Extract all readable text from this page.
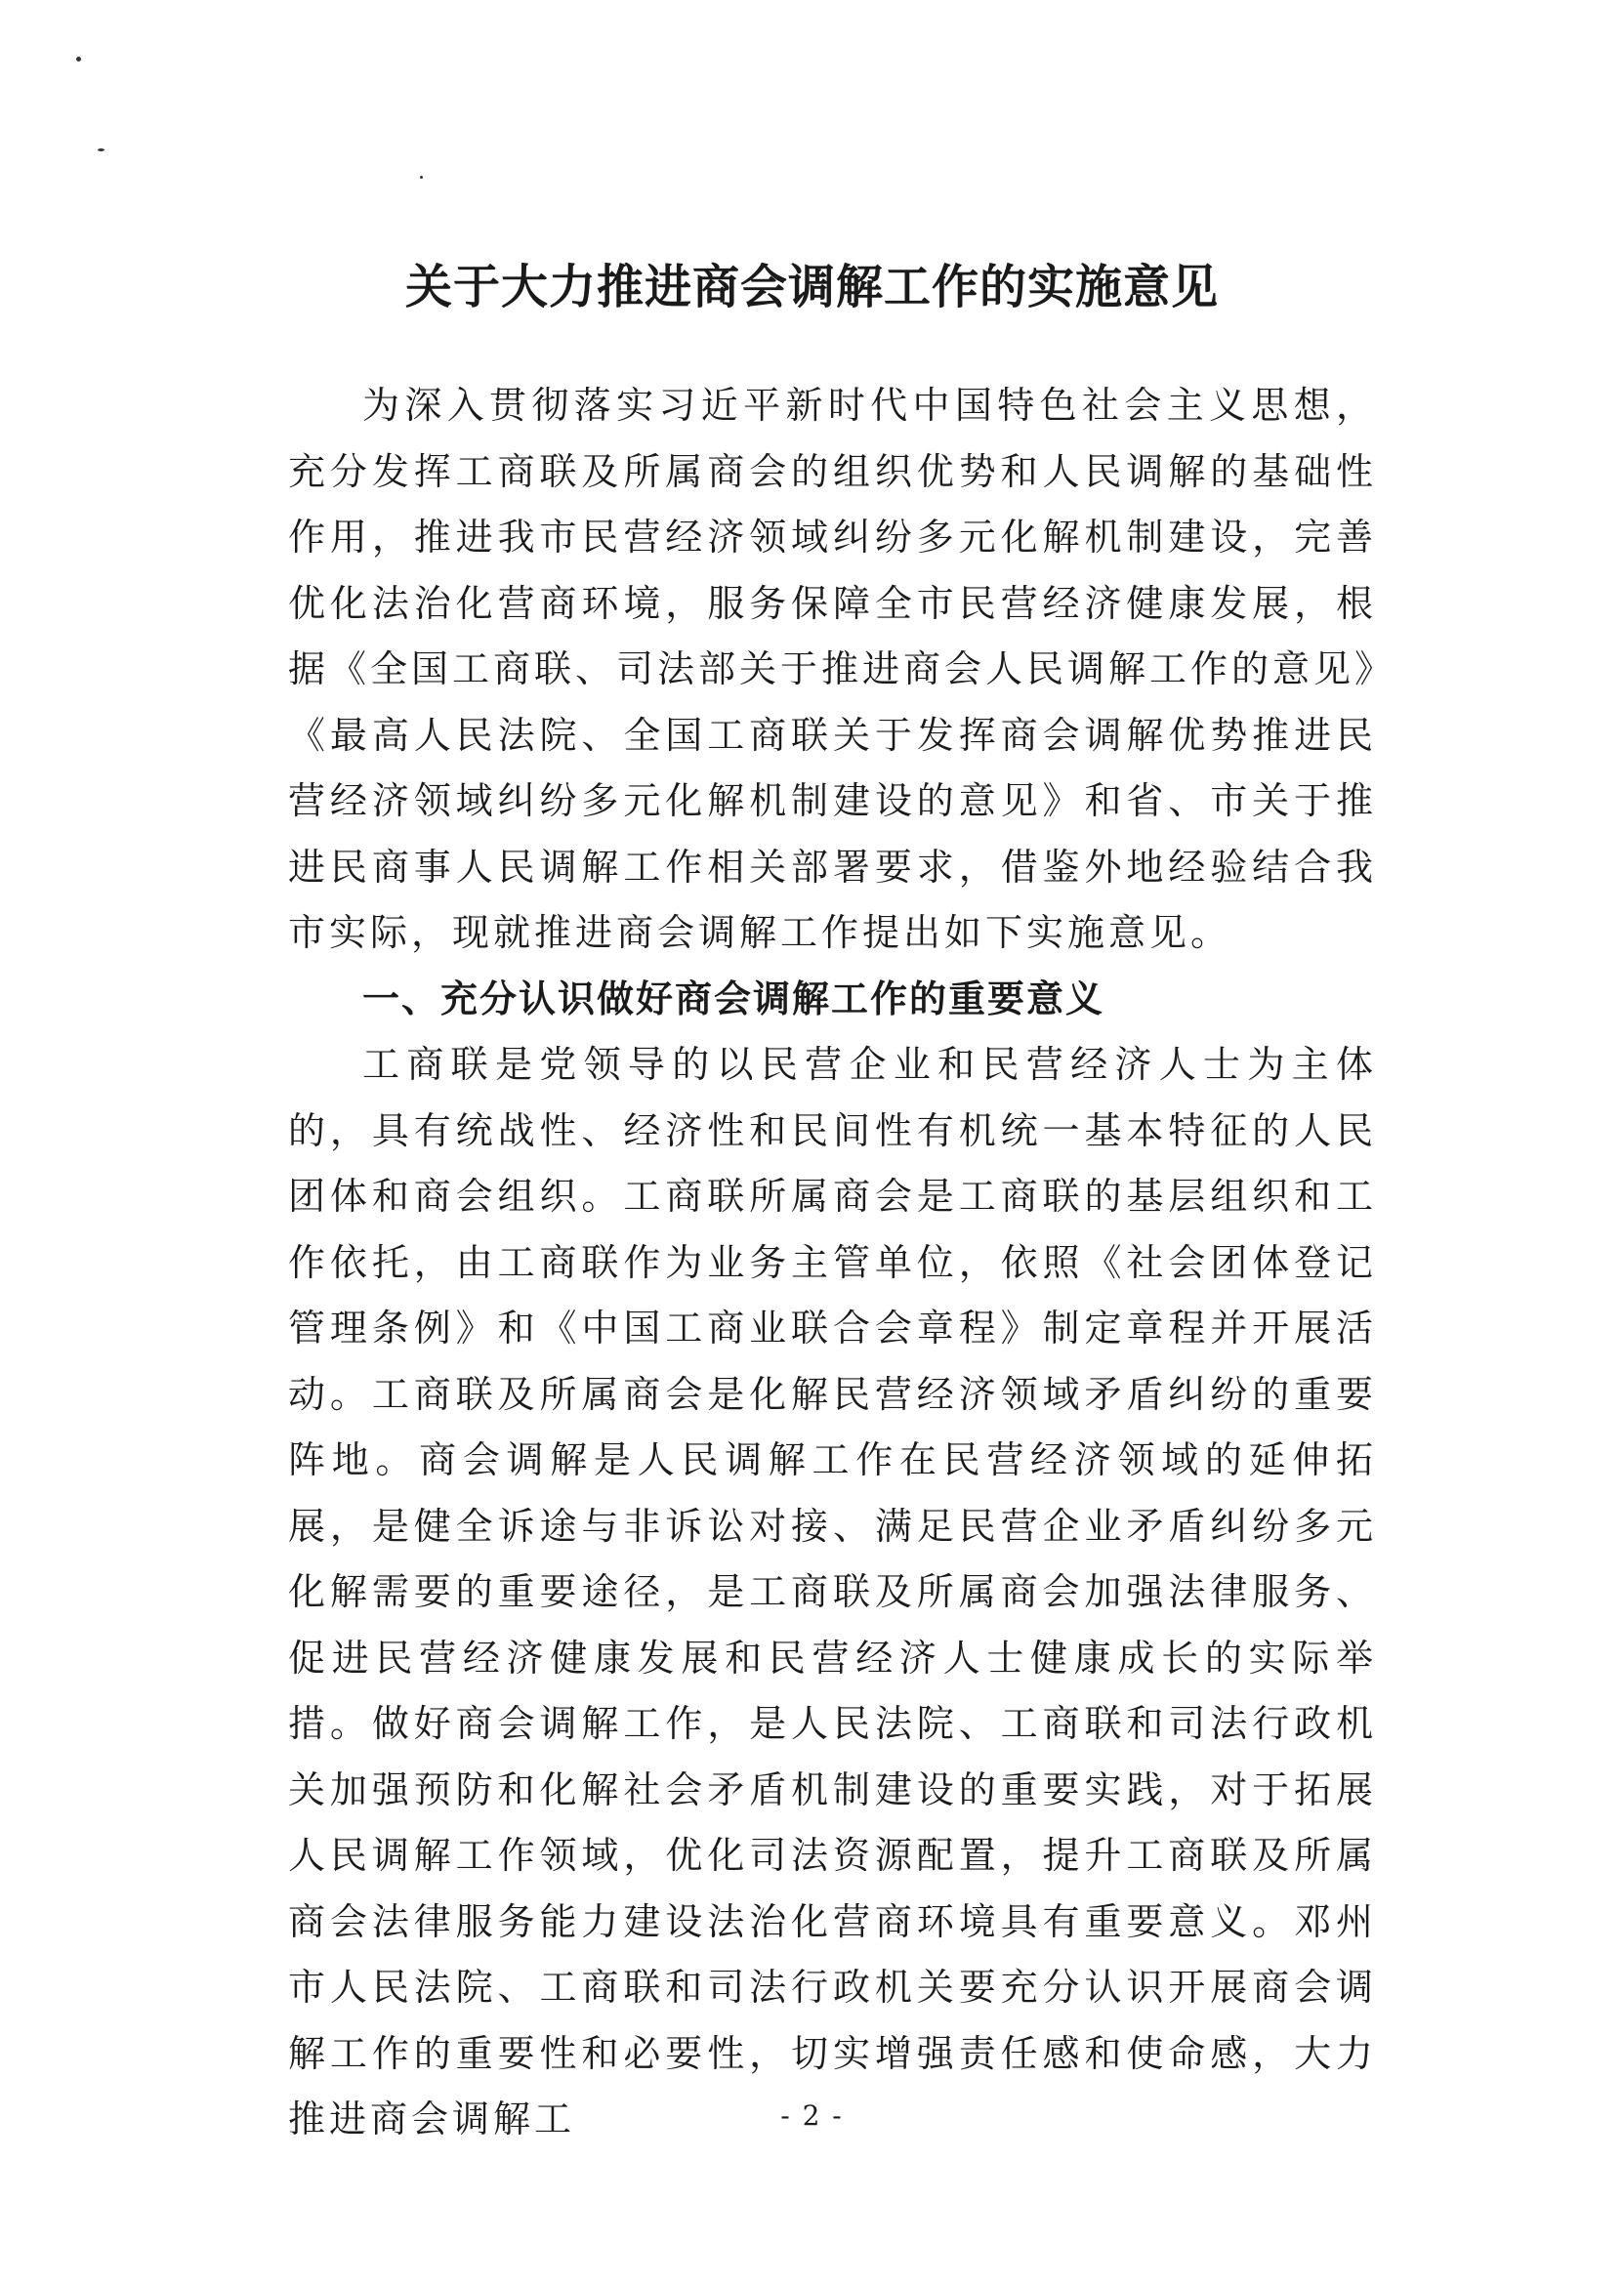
关于大力推进商会调解工作的实施意见

为深入贯彻落实习近平新时代中国特色社会主义思想，充分发挥工商联及所属商会的组织优势和人民调解的基础性作用，推进我市民营经济领域纠纷多元化解机制建设，完善优化法治化营商环境，服务保障全市民营经济健康发展，根据《全国工商联、司法部关于推进商会人民调解工作的意见》《最高人民法院、全国工商联关于发挥商会调解优势推进民营经济领域纠纷多元化解机制建设的意见》和省、市关于推进民商事人民调解工作相关部署要求，借鉴外地经验结合我市实际，现就推进商会调解工作提出如下实施意见。

一、充分认识做好商会调解工作的重要意义

工商联是党领导的以民营企业和民营经济人士为主体的，具有统战性、经济性和民间性有机统一基本特征的人民团体和商会组织。工商联所属商会是工商联的基层组织和工作依托，由工商联作为业务主管单位，依照《社会团体登记管理条例》和《中国工商业联合会章程》制定章程并开展活动。工商联及所属商会是化解民营经济领域矛盾纠纷的重要阵地。商会调解是人民调解工作在民营经济领域的延伸拓展，是健全诉途与非诉讼对接、满足民营企业矛盾纠纷多元化解需要的重要途径，是工商联及所属商会加强法律服务、促进民营经济健康发展和民营经济人士健康成长的实际举措。做好商会调解工作，是人民法院、工商联和司法行政机关加强预防和化解社会矛盾机制建设的重要实践，对于拓展人民调解工作领域，优化司法资源配置，提升工商联及所属商会法律服务能力建设法治化营商环境具有重要意义。邓州市人民法院、工商联和司法行政机关要充分认识开展商会调解工作的重要性和必要性，切实增强责任感和使命感，大力推进商会调解工	- 2 -
